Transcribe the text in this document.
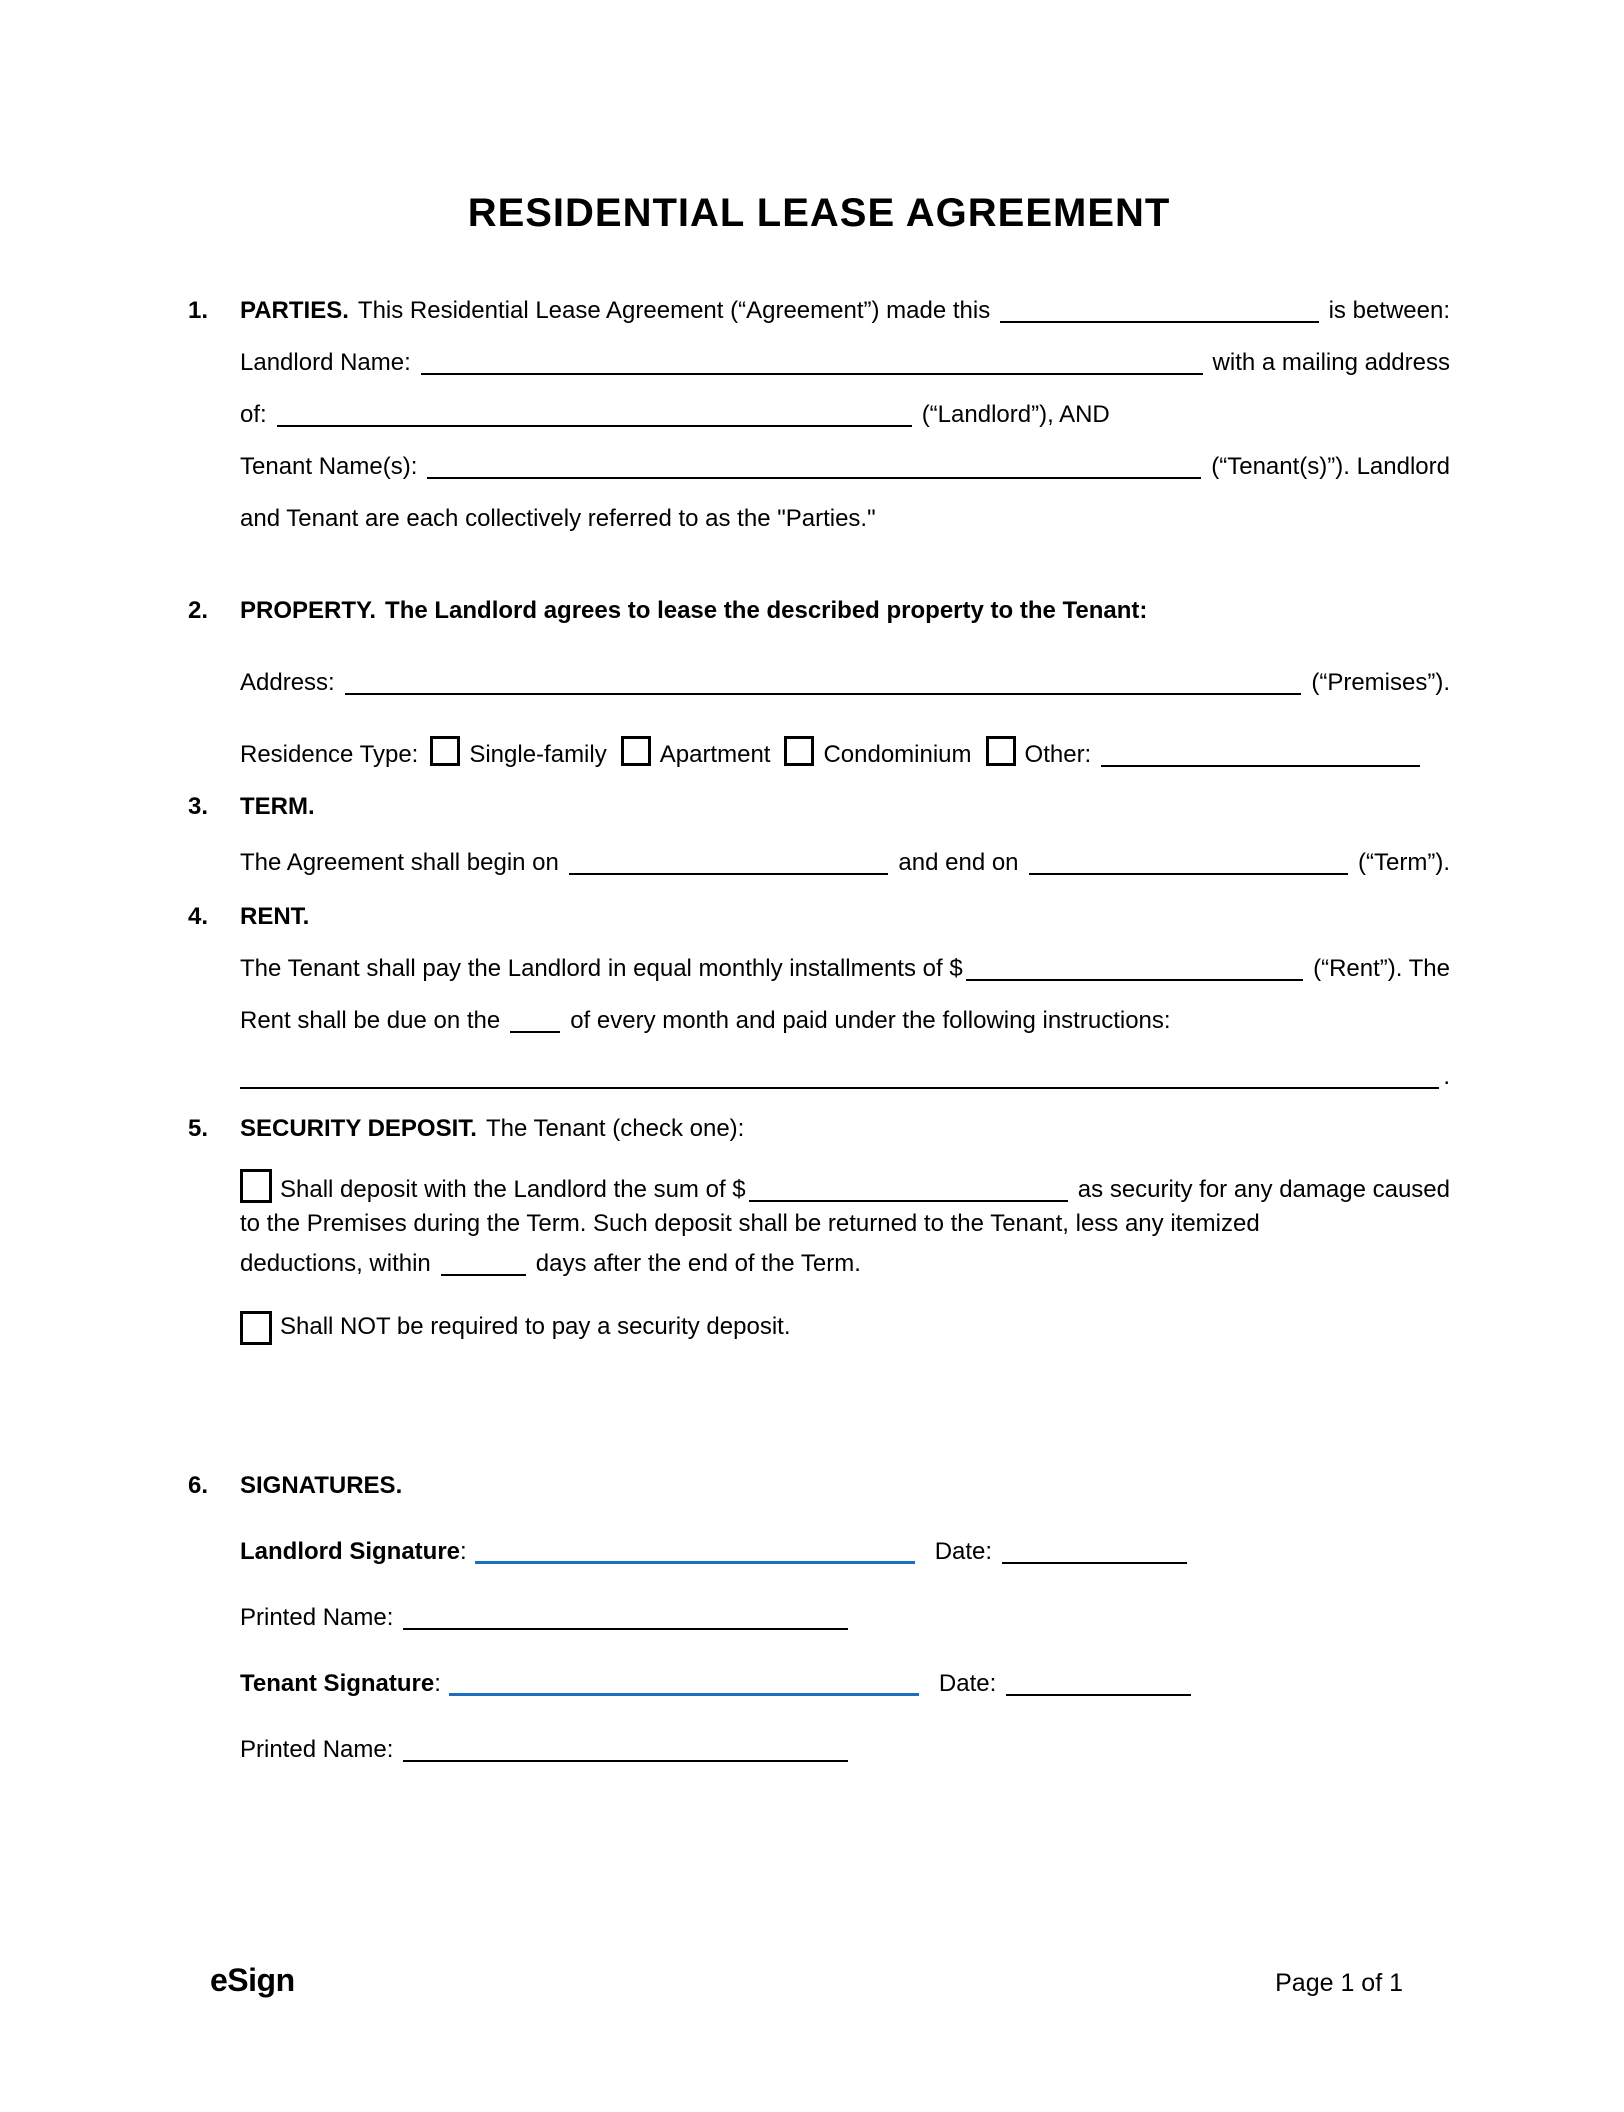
RESIDENTIAL LEASE AGREEMENT
1.	PARTIES. This Residential Lease Agreement (“Agreement”) made this	is between:
Landlord Name:	with a mailing address
of:	(“Landlord”), AND
Tenant Name(s):	(“Tenant(s)”). Landlord
and Tenant are each collectively referred to as the "Parties."
2.	PROPERTY. The Landlord agrees to lease the described property to the Tenant:
Address:	(“Premises”).
Residence Type: Single-family Apartment Condominium Other:
3.	TERM.
The Agreement shall begin on	and end on	(“Term”).
4.	RENT.
The Tenant shall pay the Landlord in equal monthly installments of $	(“Rent”). The
Rent shall be due on the	of every month and paid under the following instructions:
.
5.	SECURITY DEPOSIT. The Tenant (check one):
Shall deposit with the Landlord the sum of $	as security for any damage caused
to the Premises during the Term. Such deposit shall be returned to the Tenant, less any itemized
deductions, within	days after the end of the Term.
Shall NOT be required to pay a security deposit.
6.	SIGNATURES.
Landlord Signature :	Date:
Printed Name:
Tenant Signature :	Date:
Printed Name:
eSign	Page 1 of 1
